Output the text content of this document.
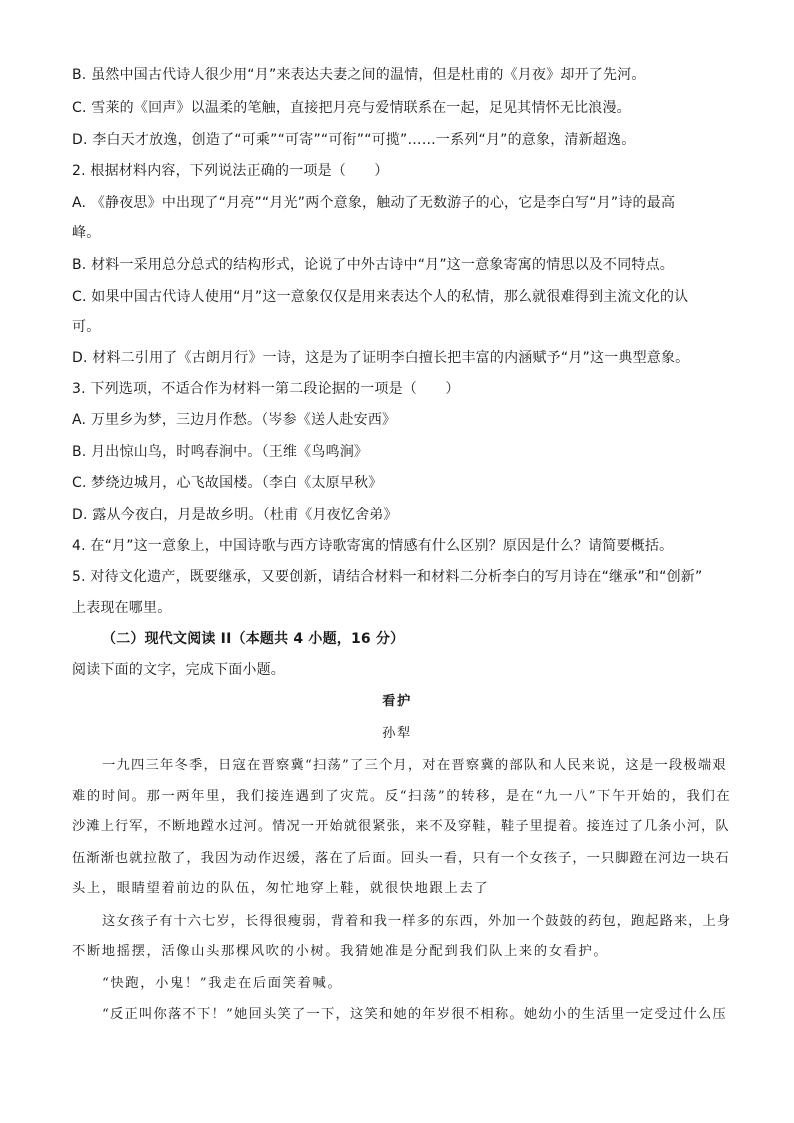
B. 虽然中国古代诗人很少用“月”来表达夫妻之间的温情，但是杜甫的《月夜》却开了先河。
C. 雪莱的《回声》以温柔的笔触，直接把月亮与爱情联系在一起，足见其情怀无比浪漫。
D. 李白天才放逸，创造了“可乘”“可寄”“可衔”“可揽”……一系列“月”的意象，清新超逸。
2. 根据材料内容，下列说法正确的一项是（　　）
A. 《静夜思》中出现了“月亮”“月光”两个意象，触动了无数游子的心，它是李白写“月”诗的最高
峰。
B. 材料一采用总分总式的结构形式，论说了中外古诗中“月”这一意象寄寓的情思以及不同特点。
C. 如果中国古代诗人使用“月”这一意象仅仅是用来表达个人的私情，那么就很难得到主流文化的认
可。
D. 材料二引用了《古朗月行》一诗，这是为了证明李白擅长把丰富的内涵赋予“月”这一典型意象。
3. 下列选项，不适合作为材料一第二段论据的一项是（　　）
A. 万里乡为梦，三边月作愁。（岑参《送人赴安西》
B. 月出惊山鸟，时鸣春涧中。（王维《鸟鸣涧》
C. 梦绕边城月，心飞故国楼。（李白《太原早秋》
D. 露从今夜白，月是故乡明。（杜甫《月夜忆舍弟》
4. 在“月”这一意象上，中国诗歌与西方诗歌寄寓的情感有什么区别？原因是什么？请简要概括。
5. 对待文化遗产，既要继承，又要创新，请结合材料一和材料二分析李白的写月诗在“继承”和“创新”
上表现在哪里。
（二）现代文阅读 II（本题共 4 小题，16 分）
阅读下面的文字，完成下面小题。
看护
孙犁
一九四三年冬季，日寇在晋察冀“扫荡”了三个月，对在晋察冀的部队和人民来说，这是一段极端艰
难的时间。那一两年里，我们接连遇到了灾荒。反“扫荡”的转移，是在“九一八”下午开始的，我们在
沙滩上行军，不断地蹚水过河。情况一开始就很紧张，来不及穿鞋，鞋子里提着。接连过了几条小河，队
伍渐渐也就拉散了，我因为动作迟缓，落在了后面。回头一看，只有一个女孩子，一只脚蹬在河边一块石
头上，眼睛望着前边的队伍，匆忙地穿上鞋，就很快地跟上去了
这女孩子有十六七岁，长得很瘦弱，背着和我一样多的东西，外加一个鼓鼓的药包，跑起路来，上身
不断地摇摆，活像山头那棵风吹的小树。我猜她准是分配到我们队上来的女看护。
“快跑，小鬼！”我走在后面笑着喊。
“反正叫你落不下！”她回头笑了一下，这笑和她的年岁很不相称。她幼小的生活里一定受过什么压
